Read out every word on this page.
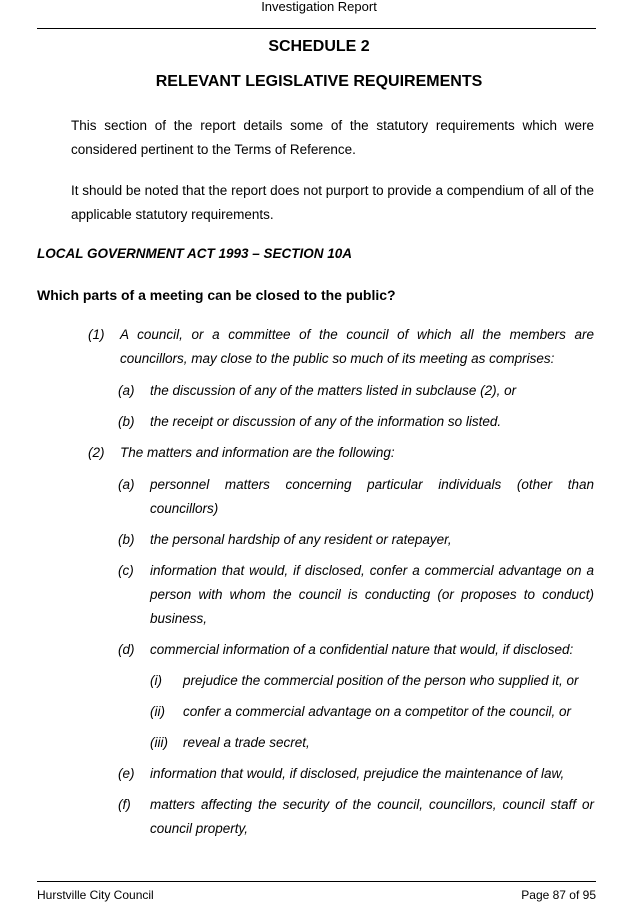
Investigation Report
SCHEDULE 2
RELEVANT LEGISLATIVE REQUIREMENTS
This section of the report details some of the statutory requirements which were considered pertinent to the Terms of Reference.
It should be noted that the report does not purport to provide a compendium of all of the applicable statutory requirements.
LOCAL GOVERNMENT ACT 1993 – SECTION 10A
Which parts of a meeting can be closed to the public?
(1) A council, or a committee of the council of which all the members are councillors, may close to the public so much of its meeting as comprises:
(a) the discussion of any of the matters listed in subclause (2), or
(b) the receipt or discussion of any of the information so listed.
(2) The matters and information are the following:
(a) personnel matters concerning particular individuals (other than councillors)
(b) the personal hardship of any resident or ratepayer,
(c) information that would, if disclosed, confer a commercial advantage on a person with whom the council is conducting (or proposes to conduct) business,
(d) commercial information of a confidential nature that would, if disclosed:
(i) prejudice the commercial position of the person who supplied it, or
(ii) confer a commercial advantage on a competitor of the council, or
(iii) reveal a trade secret,
(e) information that would, if disclosed, prejudice the maintenance of law,
(f) matters affecting the security of the council, councillors, council staff or council property,
Hurstville City Council	Page 87 of 95
